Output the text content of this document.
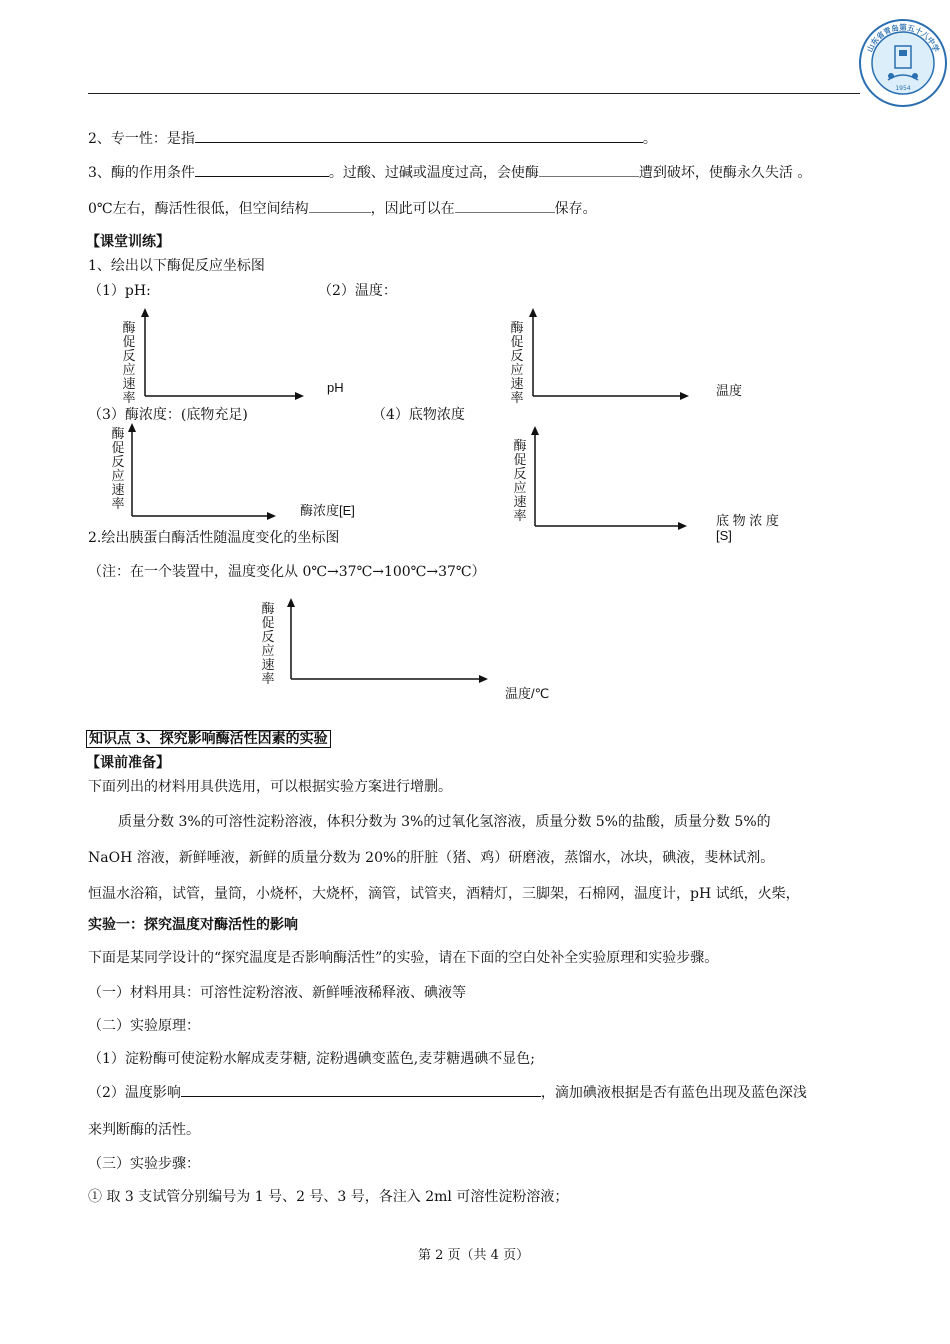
山东省青岛第五十八中学
1954
2、专一性：是指	。
3、酶的作用条件	。过酸、过碱或温度过高，会使酶	遭到破坏，使酶永久失活 。
0℃左右，酶活性很低，但空间结构	，因此可以在	保存。
【课堂训练】
1、绘出以下酶促反应坐标图
（1）pH:	（2）温度：
酶促反应速率
pH
酶促反应速率
温度
（3）酶浓度：(底物充足)	（4）底物浓度
酶促反应速率	酶浓度[E]
酶促反应速率	底 物 浓 度
[S]
2.绘出胰蛋白酶活性随温度变化的坐标图
（注：在一个装置中，温度变化从 0℃→37℃→100℃→37℃）
酶促反应速率
温度/℃
知识点 3、探究影响酶活性因素的实验
【课前准备】
下面列出的材料用具供选用，可以根据实验方案进行增删。
质量分数 3%的可溶性淀粉溶液，体积分数为 3%的过氧化氢溶液，质量分数 5%的盐酸，质量分数 5%的
NaOH 溶液，新鲜唾液，新鲜的质量分数为 20%的肝脏（猪、鸡）研磨液，蒸馏水，冰块，碘液，斐林试剂。
恒温水浴箱，试管，量筒，小烧杯，大烧杯，滴管，试管夹，酒精灯，三脚架，石棉网，温度计，pH 试纸，火柴，
实验一：探究温度对酶活性的影响
下面是某同学设计的“探究温度是否影响酶活性”的实验，请在下面的空白处补全实验原理和实验步骤。
（一）材料用具：可溶性淀粉溶液、新鲜唾液稀释液、碘液等
（二）实验原理：
（1）淀粉酶可使淀粉水解成麦芽糖, 淀粉遇碘变蓝色,麦芽糖遇碘不显色;
（2）温度影响	，滴加碘液根据是否有蓝色出现及蓝色深浅
来判断酶的活性。
（三）实验步骤：
① 取 3 支试管分别编号为 1 号、2 号、3 号，各注入 2ml 可溶性淀粉溶液；
第 2 页（共 4 页）
